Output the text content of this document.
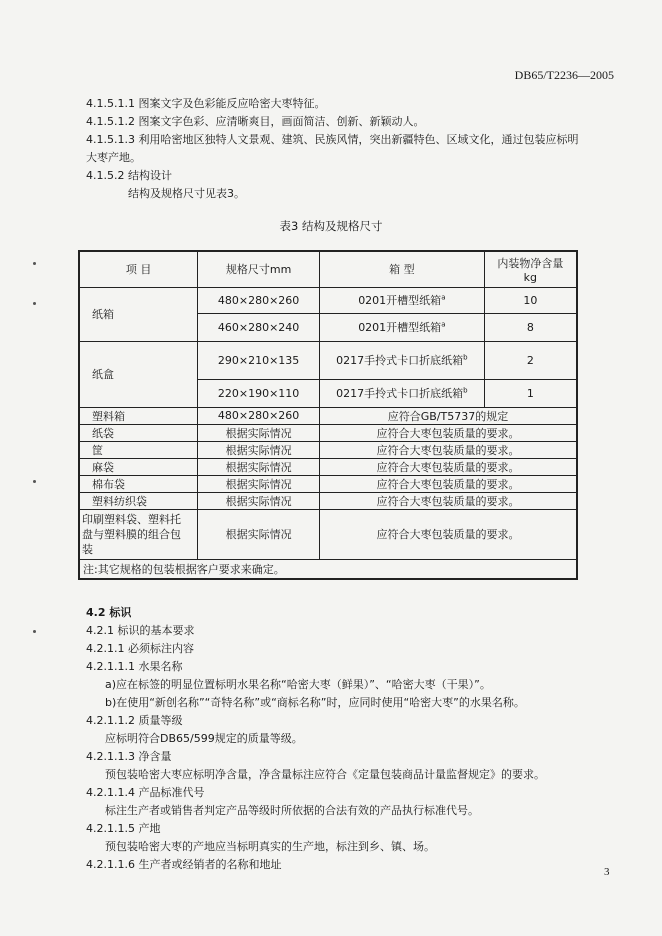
DB65/T2236—2005
4.1.5.1.1 图案文字及色彩能反应哈密大枣特征。
4.1.5.1.2 图案文字色彩、应清晰爽目，画面简洁、创新、新颖动人。
4.1.5.1.3 利用哈密地区独特人文景观、建筑、民族风情，突出新疆特色、区域文化，通过包装应标明
大枣产地。
4.1.5.2 结构设计
结构及规格尺寸见表3。
表3 结构及规格尺寸
项 目	规格尺寸mm	箱 型	内装物净含量
kg
纸箱	480×280×260	0201开槽型纸箱$^a$	10
	460×280×240	0201开槽型纸箱$^a$	8
纸盒	290×210×135	0217手拎式卡口折底纸箱$^b$	2
	220×190×110	0217手拎式卡口折底纸箱$^b$	1
塑料箱	480×280×260	应符合GB/T5737的规定	
纸袋	根据实际情况	应符合大枣包装质量的要求。	
筐	根据实际情况	应符合大枣包装质量的要求。	
麻袋	根据实际情况	应符合大枣包装质量的要求。	
棉布袋	根据实际情况	应符合大枣包装质量的要求。	
塑料纺织袋	根据实际情况	应符合大枣包装质量的要求。	
印刷塑料袋、塑料托
盘与塑料膜的组合包
装	根据实际情况	应符合大枣包装质量的要求。	
注:其它规格的包装根据客户要求来确定。			
4.2 标识
4.2.1 标识的基本要求
4.2.1.1 必须标注内容
4.2.1.1.1 水果名称
a)应在标签的明显位置标明水果名称“哈密大枣（鲜果）”、“哈密大枣（干果）”。
b)在使用“新创名称”“奇特名称”或“商标名称”时，应同时使用“哈密大枣”的水果名称。
4.2.1.1.2 质量等级
应标明符合DB65/599规定的质量等级。
4.2.1.1.3 净含量
预包装哈密大枣应标明净含量，净含量标注应符合《定量包装商品计量监督规定》的要求。
4.2.1.1.4 产品标准代号
标注生产者或销售者判定产品等级时所依据的合法有效的产品执行标准代号。
4.2.1.1.5 产地
预包装哈密大枣的产地应当标明真实的生产地，标注到乡、镇、场。
4.2.1.1.6 生产者或经销者的名称和地址
3
